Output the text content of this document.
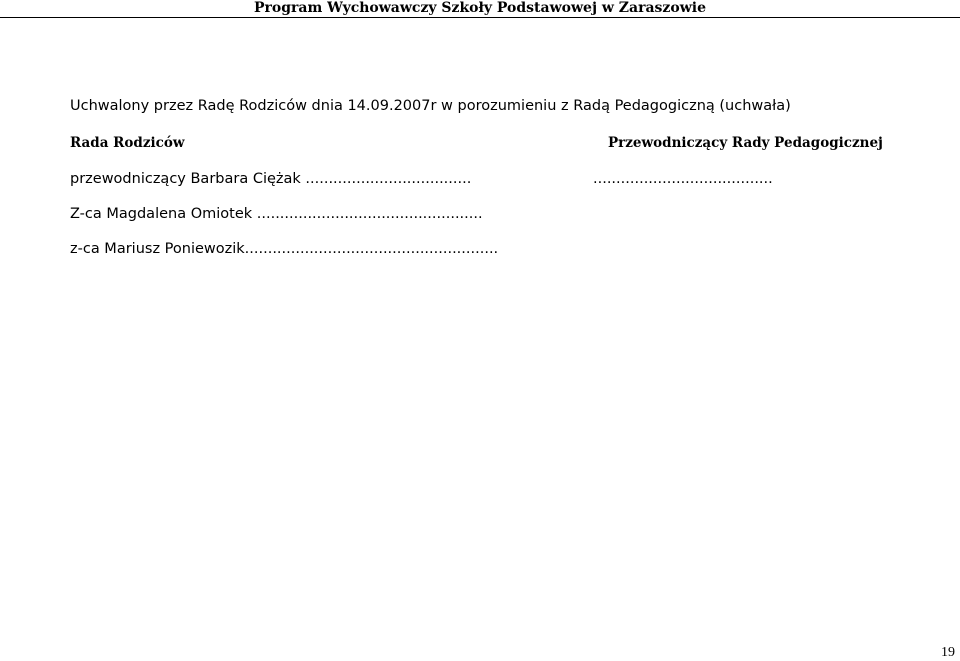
Program Wychowawczy Szkoły Podstawowej w Zaraszowie
Uchwalony przez Radę Rodziców dnia 14.09.2007r w porozumieniu z Radą Pedagogiczną (uchwała)
Rada Rodziców	Przewodniczący Rady Pedagogicznej
przewodniczący Barbara Ciężak ....................................	.......................................
Z-ca Magdalena Omiotek .................................................
z-ca Mariusz Poniewozik.......................................................
19
